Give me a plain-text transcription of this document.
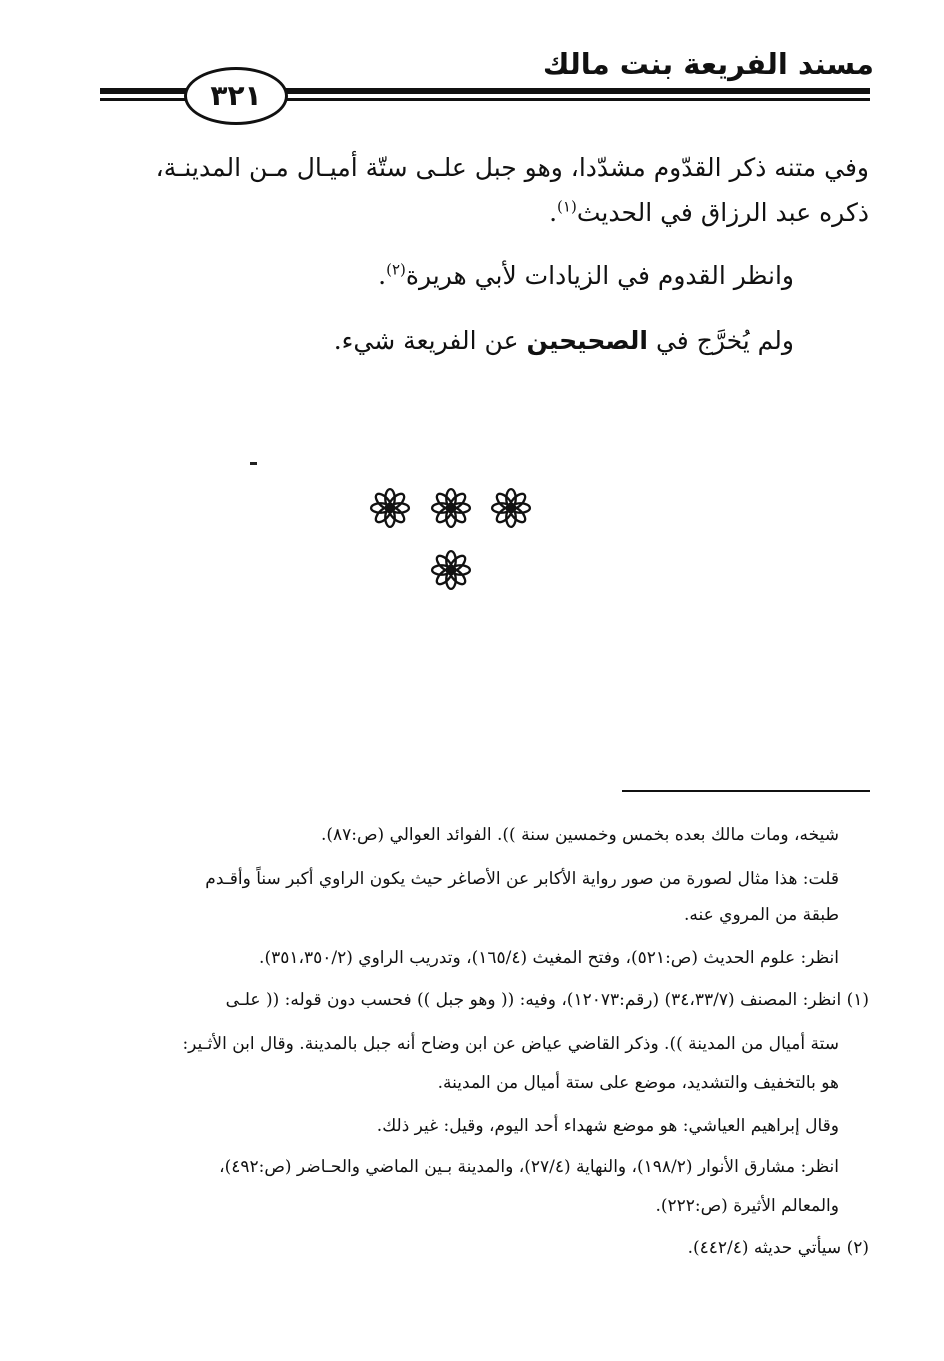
مسند الفريعة بنت مالك
٣٢١
وفي متنه ذكر القدّوم مشدّدا، وهو جبل علـى ستّة أميـال مـن المدينـة،
ذكره عبد الرزاق في الحديث$^{(١)}$.
وانظر القدوم في الزيادات لأبي هريرة$^{(٢)}$.
ولم يُخرَّج في الصحيحين عن الفريعة شيء.
شيخه، ومات مالك بعده بخمس وخمسين سنة )). الفوائد العوالي (ص:٨٧).
قلت: هذا مثال لصورة من صور رواية الأكابر عن الأصاغر حيث يكون الراوي أكبر سناً وأقـدم
طبقة من المروي عنه.
انظر: علوم الحديث (ص:٥٢١)، وفتح المغيث (١٦٥/٤)، وتدريب الراوي (٣٥١،٣٥٠/٢).
(١) انظر: المصنف (٣٤،٣٣/٧) (رقم:١٢٠٧٣)، وفيه: (( وهو جبل )) فحسب دون قوله: (( علـى
ستة أميال من المدينة )). وذكر القاضي عياض عن ابن وضاح أنه جبل بالمدينة. وقال ابن الأثـير:
هو بالتخفيف والتشديد، موضع على ستة أميال من المدينة.
وقال إبراهيم العياشي: هو موضع شهداء أحد اليوم، وقيل: غير ذلك.
انظر: مشارق الأنوار (١٩٨/٢)، والنهاية (٢٧/٤)، والمدينة بـين الماضي والحـاضر (ص:٤٩٢)،
والمعالم الأثيرة (ص:٢٢٢).
(٢) سيأتي حديثه (٤٤٢/٤).
